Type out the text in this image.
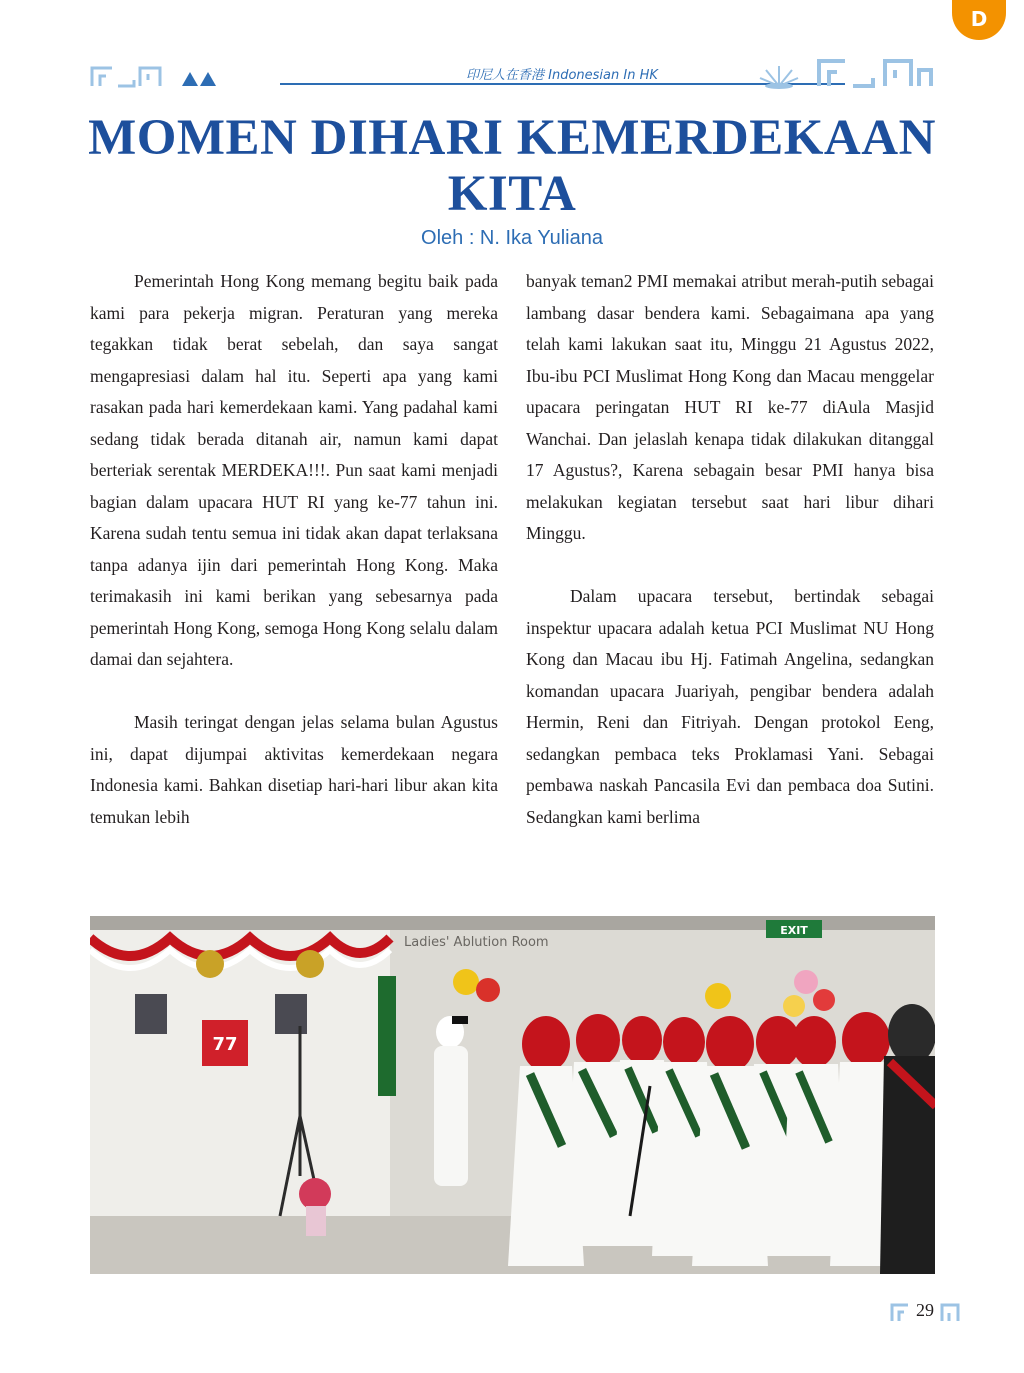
D
印尼人在香港 Indonesian In HK
MOMEN DIHARI KEMERDEKAAN KITA
Oleh : N. Ika Yuliana

Pemerintah Hong Kong memang begitu baik pada kami para pekerja migran. Peraturan yang mereka tegakkan tidak berat sebelah, dan saya sangat mengapresiasi dalam hal itu. Seperti apa yang kami rasakan pada hari kemerdekaan kami. Yang padahal kami sedang tidak berada ditanah air, namun kami dapat berteriak serentak MERDEKA!!!. Pun saat kami menjadi bagian dalam upacara HUT RI yang ke-77 tahun ini. Karena sudah tentu semua ini tidak akan dapat terlaksana tanpa adanya ijin dari pemerintah Hong Kong. Maka terimakasih ini kami berikan yang sebesarnya pada pemerintah Hong Kong, semoga Hong Kong selalu dalam damai dan sejahtera.

Masih teringat dengan jelas selama bulan Agustus ini, dapat dijumpai aktivitas kemerdekaan negara Indonesia kami. Bahkan disetiap hari-hari libur akan kita temukan lebih

banyak teman2 PMI memakai atribut merah-putih sebagai lambang dasar bendera kami. Sebagaimana apa yang telah kami lakukan saat itu, Minggu 21 Agustus 2022, Ibu-ibu PCI Muslimat Hong Kong dan Macau menggelar upacara peringatan HUT RI ke-77 diAula Masjid Wanchai. Dan jelaslah kenapa tidak dilakukan ditanggal 17 Agustus?, Karena sebagain besar PMI hanya bisa melakukan kegiatan tersebut saat hari libur dihari Minggu.

Dalam upacara tersebut, bertindak sebagai inspektur upacara adalah ketua PCI Muslimat NU Hong Kong dan Macau ibu Hj. Fatimah Angelina, sedangkan komandan upacara Juariyah, pengibar bendera adalah Hermin, Reni dan Fitriyah. Dengan protokol Eeng, sedangkan pembaca teks Proklamasi Yani. Sebagai pembawa naskah Pancasila Evi dan pembaca doa Sutini. Sedangkan kami berlima

77
Ladies' Ablution Room
EXIT
29
